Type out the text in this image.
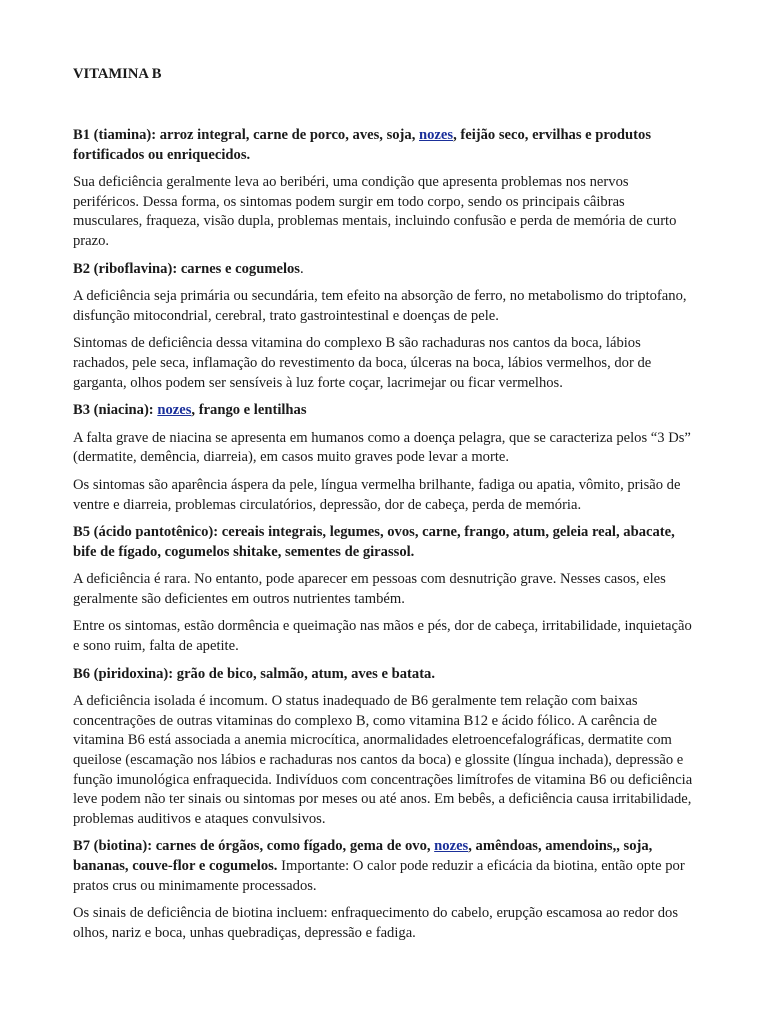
VITAMINA B

B1 (tiamina): arroz integral, carne de porco, aves, soja, nozes, feijão seco, ervilhas e produtos fortificados ou enriquecidos.

Sua deficiência geralmente leva ao beribéri, uma condição que apresenta problemas nos nervos periféricos. Dessa forma, os sintomas podem surgir em todo corpo, sendo os principais câibras musculares, fraqueza, visão dupla, problemas mentais, incluindo confusão e perda de memória de curto prazo.

B2 (riboflavina): carnes e cogumelos.

A deficiência seja primária ou secundária, tem efeito na absorção de ferro, no metabolismo do triptofano, disfunção mitocondrial, cerebral, trato gastrointestinal e doenças de pele.

Sintomas de deficiência dessa vitamina do complexo B são rachaduras nos cantos da boca, lábios rachados, pele seca, inflamação do revestimento da boca, úlceras na boca, lábios vermelhos, dor de garganta, olhos podem ser sensíveis à luz forte coçar, lacrimejar ou ficar vermelhos.

B3 (niacina): nozes, frango e lentilhas

A falta grave de niacina se apresenta em humanos como a doença pelagra, que se caracteriza pelos “3 Ds” (dermatite, demência, diarreia), em casos muito graves pode levar a morte.

Os sintomas são aparência áspera da pele, língua vermelha brilhante, fadiga ou apatia, vômito, prisão de ventre e diarreia, problemas circulatórios, depressão, dor de cabeça, perda de memória.

B5 (ácido pantotênico): cereais integrais, legumes, ovos, carne, frango, atum, geleia real, abacate, bife de fígado, cogumelos shitake, sementes de girassol.

A deficiência é rara. No entanto, pode aparecer em pessoas com desnutrição grave. Nesses casos, eles geralmente são deficientes em outros nutrientes também.

Entre os sintomas, estão dormência e queimação nas mãos e pés, dor de cabeça, irritabilidade, inquietação e sono ruim, falta de apetite.

B6 (piridoxina): grão de bico, salmão, atum, aves e batata.

A deficiência isolada é incomum. O status inadequado de B6 geralmente tem relação com baixas concentrações de outras vitaminas do complexo B, como vitamina B12 e ácido fólico. A carência de vitamina B6 está associada a anemia microcítica, anormalidades eletroencefalográficas, dermatite com queilose (escamação nos lábios e rachaduras nos cantos da boca) e glossite (língua inchada), depressão e função imunológica enfraquecida. Indivíduos com concentrações limítrofes de vitamina B6 ou deficiência leve podem não ter sinais ou sintomas por meses ou até anos. Em bebês, a deficiência causa irritabilidade, problemas auditivos e ataques convulsivos.

B7 (biotina): carnes de órgãos, como fígado, gema de ovo, nozes, amêndoas, amendoins,, soja, bananas, couve-flor e cogumelos. Importante: O calor pode reduzir a eficácia da biotina, então opte por pratos crus ou minimamente processados.

Os sinais de deficiência de biotina incluem: enfraquecimento do cabelo, erupção escamosa ao redor dos olhos, nariz e boca, unhas quebradiças, depressão e fadiga.
